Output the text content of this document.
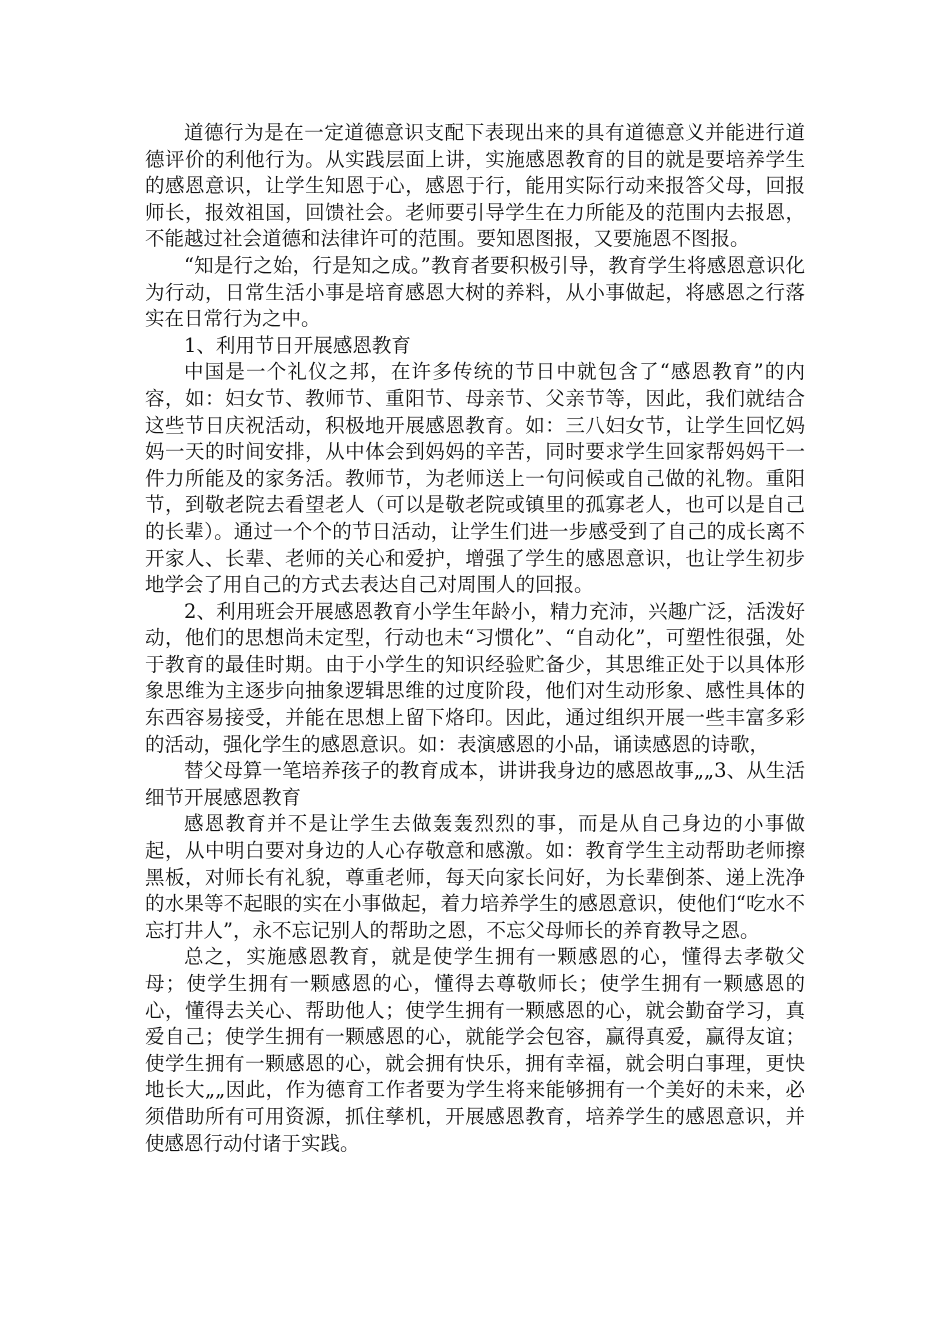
道德行为是在一定道德意识支配下表现出来的具有道德意义并能进行道德评价的利他行为。从实践层面上讲，实施感恩教育的目的就是要培养学生的感恩意识，让学生知恩于心，感恩于行，能用实际行动来报答父母，回报师长，报效祖国，回馈社会。老师要引导学生在力所能及的范围内去报恩，不能越过社会道德和法律许可的范围。要知恩图报，又要施恩不图报。

“知是行之始，行是知之成。”教育者要积极引导，教育学生将感恩意识化为行动，日常生活小事是培育感恩大树的养料，从小事做起，将感恩之行落实在日常行为之中。

1、利用节日开展感恩教育

中国是一个礼仪之邦，在许多传统的节日中就包含了“感恩教育”的内容，如：妇女节、教师节、重阳节、母亲节、父亲节等，因此，我们就结合这些节日庆祝活动，积极地开展感恩教育。如：三八妇女节，让学生回忆妈妈一天的时间安排，从中体会到妈妈的辛苦，同时要求学生回家帮妈妈干一件力所能及的家务活。教师节，为老师送上一句问候或自己做的礼物。重阳节，到敬老院去看望老人（可以是敬老院或镇里的孤寡老人，也可以是自己的长辈）。通过一个个的节日活动，让学生们进一步感受到了自己的成长离不开家人、长辈、老师的关心和爱护，增强了学生的感恩意识，也让学生初步地学会了用自己的方式去表达自己对周围人的回报。

2、利用班会开展感恩教育小学生年龄小，精力充沛，兴趣广泛，活泼好动，他们的思想尚未定型，行动也未“习惯化”、“自动化”，可塑性很强，处于教育的最佳时期。由于小学生的知识经验贮备少，其思维正处于以具体形象思维为主逐步向抽象逻辑思维的过度阶段，他们对生动形象、感性具体的东西容易接受，并能在思想上留下烙印。因此，通过组织开展一些丰富多彩的活动，强化学生的感恩意识。如：表演感恩的小品，诵读感恩的诗歌，

替父母算一笔培养孩子的教育成本，讲讲我身边的感恩故事„„3、从生活细节开展感恩教育

感恩教育并不是让学生去做轰轰烈烈的事，而是从自己身边的小事做起，从中明白要对身边的人心存敬意和感激。如：教育学生主动帮助老师擦黑板，对师长有礼貌，尊重老师，每天向家长问好，为长辈倒茶、递上洗净的水果等不起眼的实在小事做起，着力培养学生的感恩意识，使他们“吃水不忘打井人”，永不忘记别人的帮助之恩，不忘父母师长的养育教导之恩。

总之，实施感恩教育，就是使学生拥有一颗感恩的心，懂得去孝敬父母；使学生拥有一颗感恩的心，懂得去尊敬师长；使学生拥有一颗感恩的心，懂得去关心、帮助他人；使学生拥有一颗感恩的心，就会勤奋学习，真爱自己；使学生拥有一颗感恩的心，就能学会包容，赢得真爱，赢得友谊；使学生拥有一颗感恩的心，就会拥有快乐，拥有幸福，就会明白事理，更快地长大„„因此，作为德育工作者要为学生将来能够拥有一个美好的未来，必须借助所有可用资源，抓住孳机，开展感恩教育，培养学生的感恩意识，并使感恩行动付诸于实践。
